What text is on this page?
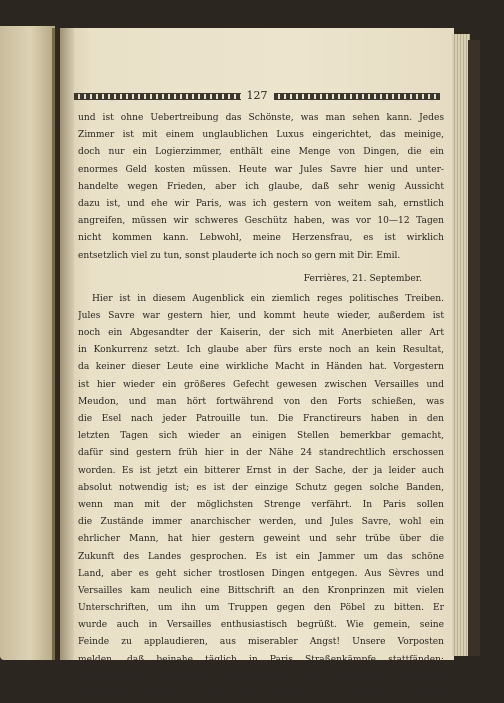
127
und ist ohne Uebertreibung das Schönste, was man sehen kann. Jedes
Zimmer ist mit einem unglaublichen Luxus eingerichtet, das meinige,
doch nur ein Logierzimmer, enthält eine Menge von Dingen, die ein
enormes Geld kosten müssen. Heute war Jules Savre hier und unter-
handelte wegen Frieden, aber ich glaube, daß sehr wenig Aussicht
dazu ist, und ehe wir Paris, was ich gestern von weitem sah, ernstlich
angreifen, müssen wir schweres Geschütz haben, was vor 10—12 Tagen
nicht kommen kann. Lebwohl, meine Herzensfrau, es ist wirklich
entsetzlich viel zu tun, sonst plauderte ich noch so gern mit Dir. Emil.
Ferrières, 21. September.
Hier ist in diesem Augenblick ein ziemlich reges politisches Treiben.
Jules Savre war gestern hier, und kommt heute wieder, außerdem ist
noch ein Abgesandter der Kaiserin, der sich mit Anerbieten aller Art
in Konkurrenz setzt. Ich glaube aber fürs erste noch an kein Resultat,
da keiner dieser Leute eine wirkliche Macht in Händen hat. Vorgestern
ist hier wieder ein größeres Gefecht gewesen zwischen Versailles und
Meudon, und man hört fortwährend von den Forts schießen, was
die Esel nach jeder Patrouille tun. Die Franctireurs haben in den
letzten Tagen sich wieder an einigen Stellen bemerkbar gemacht,
dafür sind gestern früh hier in der Nähe 24 standrechtlich erschossen
worden. Es ist jetzt ein bitterer Ernst in der Sache, der ja leider auch
absolut notwendig ist; es ist der einzige Schutz gegen solche Banden,
wenn man mit der möglichsten Strenge verfährt. In Paris sollen
die Zustände immer anarchischer werden, und Jules Savre, wohl ein
ehrlicher Mann, hat hier gestern geweint und sehr trübe über die
Zukunft des Landes gesprochen. Es ist ein Jammer um das schöne
Land, aber es geht sicher trostlosen Dingen entgegen. Aus Sèvres und
Versailles kam neulich eine Bittschrift an den Kronprinzen mit vielen
Unterschriften, um ihn um Truppen gegen den Pöbel zu bitten. Er
wurde auch in Versailles enthusiastisch begrüßt. Wie gemein, seine
Feinde zu applaudieren, aus miserabler Angst! Unsere Vorposten
melden, daß beinahe täglich in Paris Straßenkämpfe stattfänden;
über kurz oder lang wird wohl eine Hälfte der Bevölkerung die andere
aufgefressen haben, wie die beiden Löwen in der Fabel, von denen
